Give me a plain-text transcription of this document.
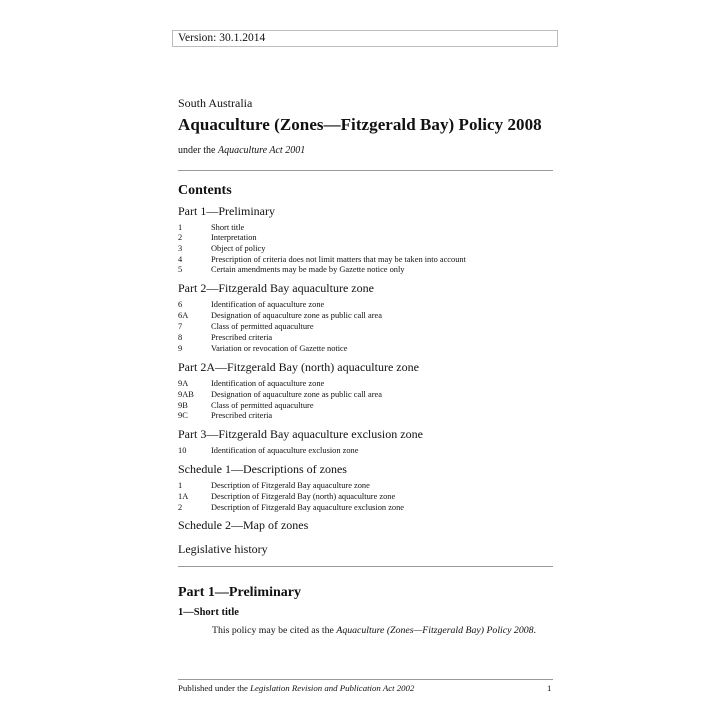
Version: 30.1.2014
South Australia
Aquaculture (Zones—Fitzgerald Bay) Policy 2008
under the Aquaculture Act 2001
Contents
Part 1—Preliminary
1	Short title
2	Interpretation
3	Object of policy
4	Prescription of criteria does not limit matters that may be taken into account
5	Certain amendments may be made by Gazette notice only
Part 2—Fitzgerald Bay aquaculture zone
6	Identification of aquaculture zone
6A	Designation of aquaculture zone as public call area
7	Class of permitted aquaculture
8	Prescribed criteria
9	Variation or revocation of Gazette notice
Part 2A—Fitzgerald Bay (north) aquaculture zone
9A	Identification of aquaculture zone
9AB Designation of aquaculture zone as public call area
9B	Class of permitted aquaculture
9C	Prescribed criteria
Part 3—Fitzgerald Bay aquaculture exclusion zone
10	Identification of aquaculture exclusion zone
Schedule 1—Descriptions of zones
1	Description of Fitzgerald Bay aquaculture zone
1A	Description of Fitzgerald Bay (north) aquaculture zone
2	Description of Fitzgerald Bay aquaculture exclusion zone
Schedule 2—Map of zones
Legislative history
Part 1—Preliminary
1—Short title
This policy may be cited as the Aquaculture (Zones—Fitzgerald Bay) Policy 2008.
Published under the Legislation Revision and Publication Act 2002	1
